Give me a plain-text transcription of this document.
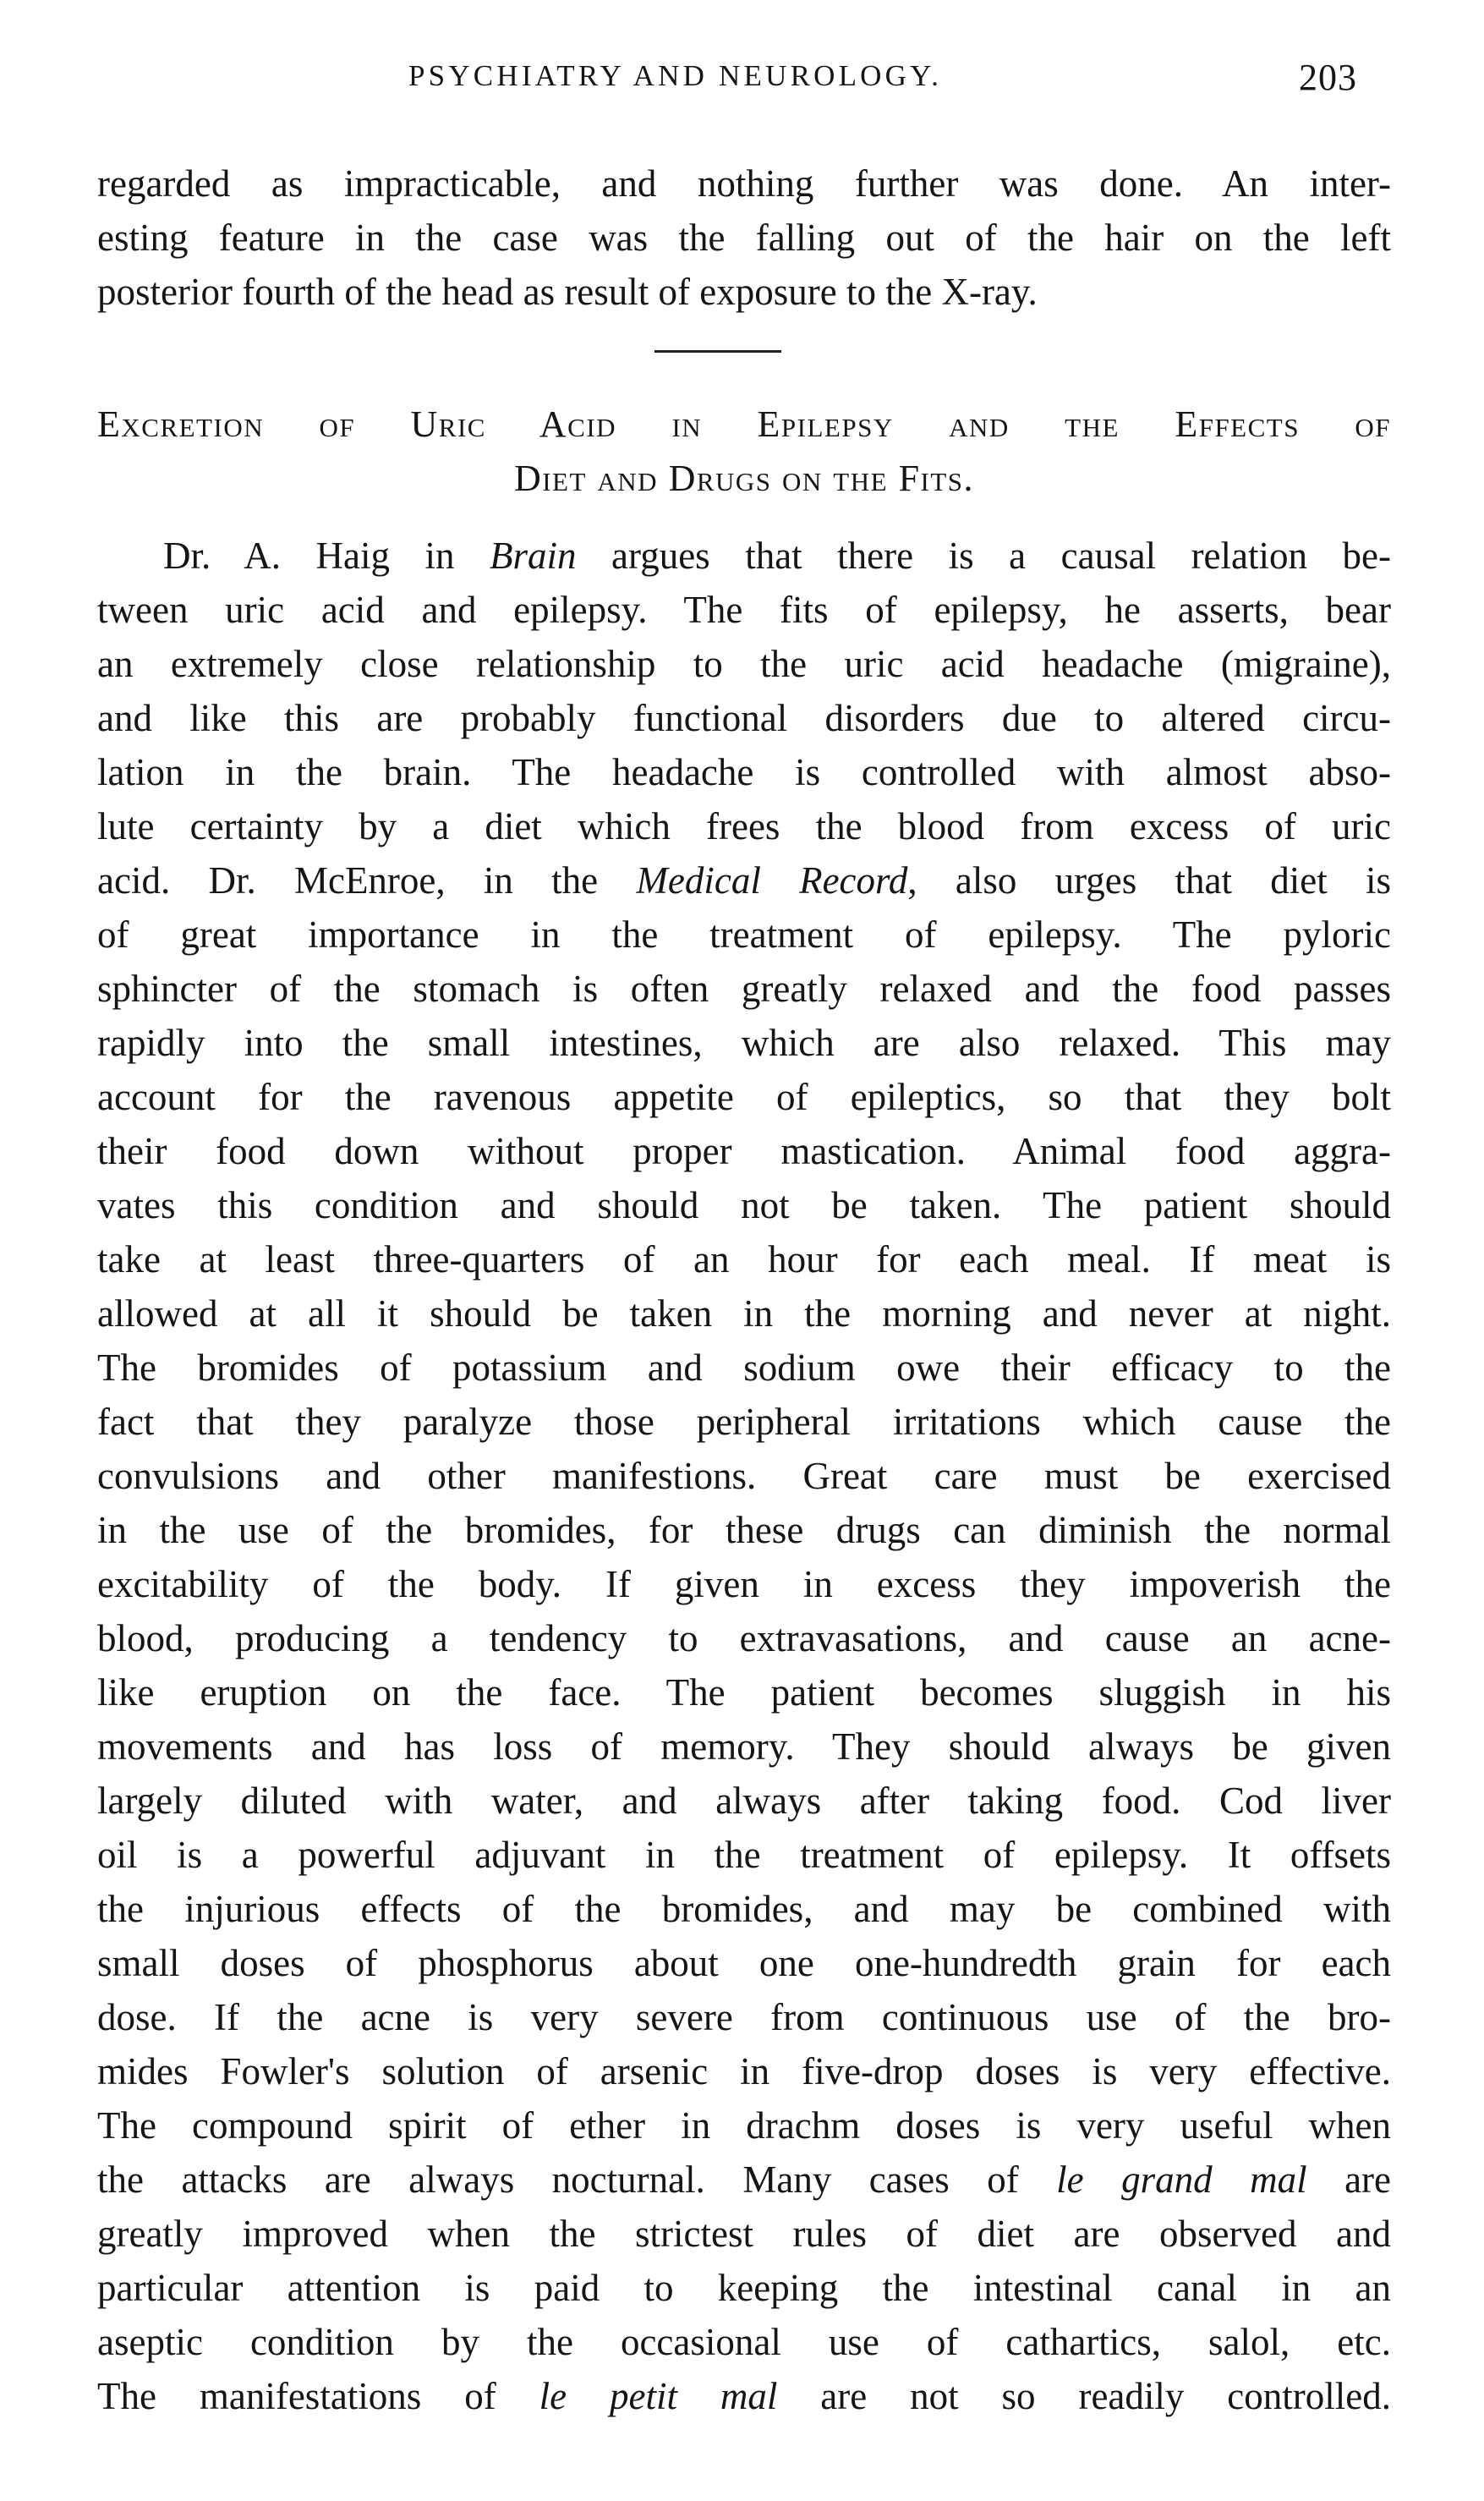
PSYCHIATRY AND NEUROLOGY.	203

regarded as impracticable, and nothing further was done. An inter-
esting feature in the case was the falling out of the hair on the left
posterior fourth of the head as result of exposure to the X-ray.

Excretion of Uric Acid in Epilepsy and the Effects of
Diet and Drugs on the Fits.

Dr. A. Haig in Brain argues that there is a causal relation be-
tween uric acid and epilepsy. The fits of epilepsy, he asserts, bear
an extremely close relationship to the uric acid headache (migraine),
and like this are probably functional disorders due to altered circu-
lation in the brain. The headache is controlled with almost abso-
lute certainty by a diet which frees the blood from excess of uric
acid. Dr. McEnroe, in the Medical Record, also urges that diet is
of great importance in the treatment of epilepsy. The pyloric
sphincter of the stomach is often greatly relaxed and the food passes
rapidly into the small intestines, which are also relaxed. This may
account for the ravenous appetite of epileptics, so that they bolt
their food down without proper mastication. Animal food aggra-
vates this condition and should not be taken. The patient should
take at least three-quarters of an hour for each meal. If meat is
allowed at all it should be taken in the morning and never at night.
The bromides of potassium and sodium owe their efficacy to the
fact that they paralyze those peripheral irritations which cause the
convulsions and other manifestions. Great care must be exercised
in the use of the bromides, for these drugs can diminish the normal
excitability of the body. If given in excess they impoverish the
blood, producing a tendency to extravasations, and cause an acne-
like eruption on the face. The patient becomes sluggish in his
movements and has loss of memory. They should always be given
largely diluted with water, and always after taking food. Cod liver
oil is a powerful adjuvant in the treatment of epilepsy. It offsets
the injurious effects of the bromides, and may be combined with
small doses of phosphorus about one one-hundredth grain for each
dose. If the acne is very severe from continuous use of the bro-
mides Fowler's solution of arsenic in five-drop doses is very effective.
The compound spirit of ether in drachm doses is very useful when
the attacks are always nocturnal. Many cases of le grand mal are
greatly improved when the strictest rules of diet are observed and
particular attention is paid to keeping the intestinal canal in an
aseptic condition by the occasional use of cathartics, salol, etc.
The manifestations of le petit mal are not so readily controlled.
